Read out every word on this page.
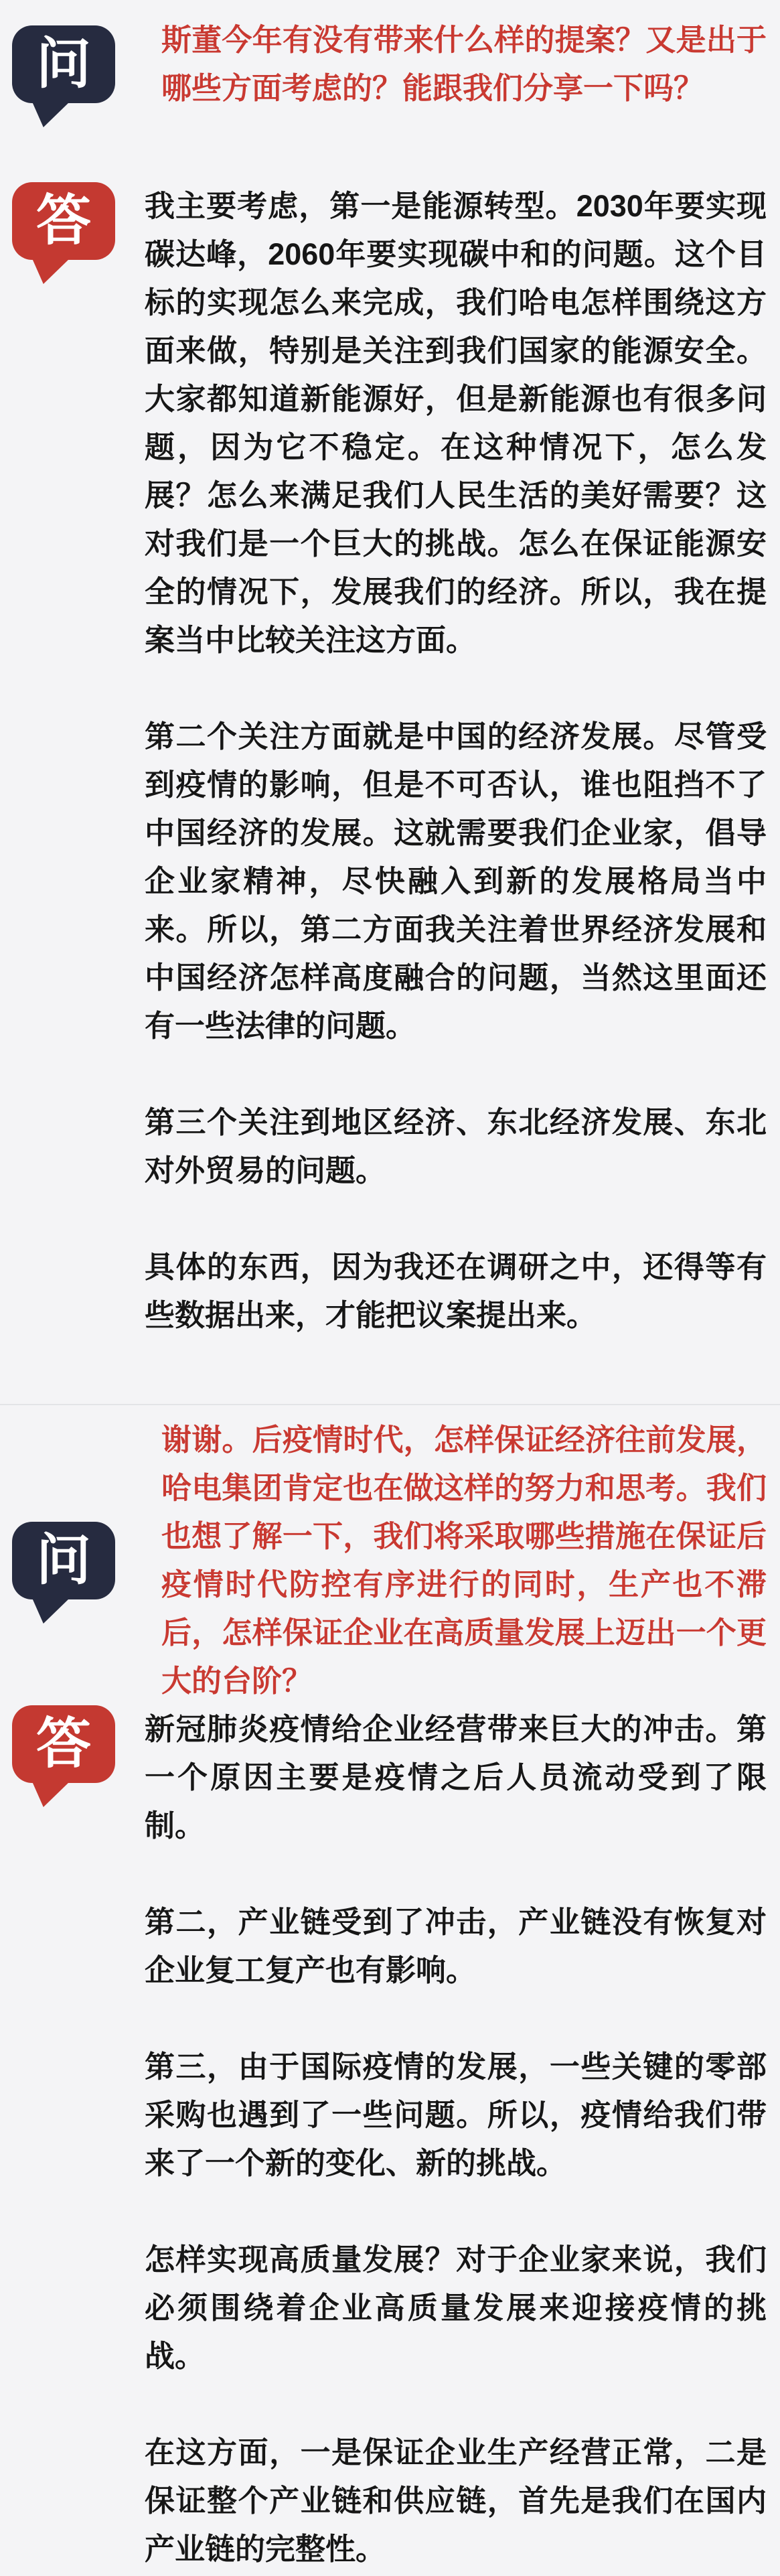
问	斯董今年有没有带来什么样的提案？又是出于哪些方面考虑的？能跟我们分享一下吗？

答 我主要考虑，第一是能源转型。2030年要实现碳达峰，2060年要实现碳中和的问题。这个目标的实现怎么来完成，我们哈电怎样围绕这方面来做，特别是关注到我们国家的能源安全。大家都知道新能源好，但是新能源也有很多问题，因为它不稳定。在这种情况下，怎么发展？怎么来满足我们人民生活的美好需要？这对我们是一个巨大的挑战。怎么在保证能源安全的情况下，发展我们的经济。所以，我在提案当中比较关注这方面。

第二个关注方面就是中国的经济发展。尽管受到疫情的影响，但是不可否认，谁也阻挡不了中国经济的发展。这就需要我们企业家，倡导企业家精神，尽快融入到新的发展格局当中来。所以，第二方面我关注着世界经济发展和中国经济怎样高度融合的问题，当然这里面还有一些法律的问题。

第三个关注到地区经济、东北经济发展、东北对外贸易的问题。

具体的东西，因为我还在调研之中，还得等有些数据出来，才能把议案提出来。

问

谢谢。后疫情时代，怎样保证经济往前发展，哈电集团肯定也在做这样的努力和思考。我们也想了解一下，我们将采取哪些措施在保证后疫情时代防控有序进行的同时，生产也不滞后，怎样保证企业在高质量发展上迈出一个更大的台阶？

答 新冠肺炎疫情给企业经营带来巨大的冲击。第一个原因主要是疫情之后人员流动受到了限制。

第二，产业链受到了冲击，产业链没有恢复对企业复工复产也有影响。

第三，由于国际疫情的发展，一些关键的零部采购也遇到了一些问题。所以，疫情给我们带来了一个新的变化、新的挑战。

怎样实现高质量发展？对于企业家来说，我们必须围绕着企业高质量发展来迎接疫情的挑战。

在这方面，一是保证企业生产经营正常，二是保证整个产业链和供应链，首先是我们在国内产业链的完整性。
